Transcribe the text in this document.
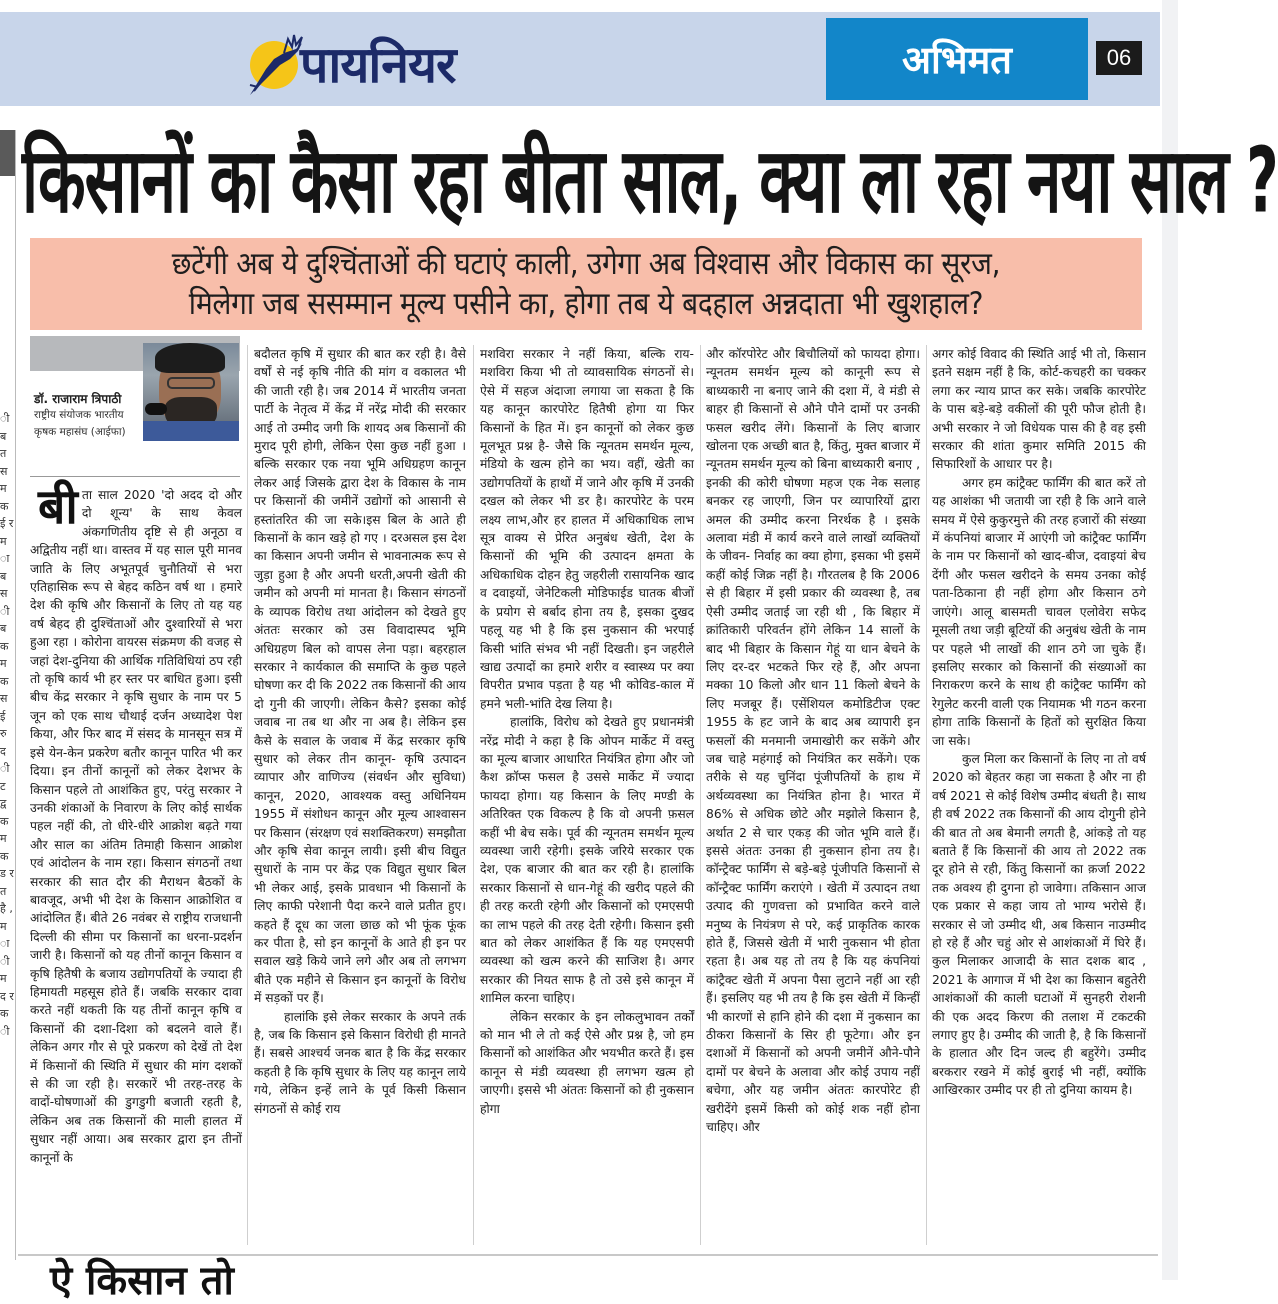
पायनियर	अभिमत	06
ी ब त स म क ई र म ा ब स ी ब क म क स ई रु द ी ट द्व क म क ड र त है , म ा ी म द र क ी
किसानों का कैसा रहा बीता साल, क्या ला रहा नया साल ?
छटेंगी अब ये दुश्चिंताओं की घटाएं काली, उगेगा अब विश्वास और विकास का सूरज,
मिलेगा जब ससम्मान मूल्य पसीने का, होगा तब ये बदहाल अन्नदाता भी खुशहाल?
डॉ. राजाराम त्रिपाठी
राष्ट्रीय संयोजक भारतीय कृषक महासंघ (आईफा)
बी ता साल 2020 'दो अदद दो और दो शून्य' के साथ केवल अंकगणितीय दृष्टि से ही अनूठा व अद्वितीय नहीं था। वास्तव में यह साल पूरी मानव जाति के लिए अभूतपूर्व चुनौतियों से भरा एतिहासिक रूप से बेहद कठिन वर्ष था । हमारे देश की कृषि और किसानों के लिए तो यह यह वर्ष बेहद ही दुश्चिंताओं और दुश्वारियों से भरा हुआ रहा । कोरोना वायरस संक्रमण की वजह से जहां देश-दुनिया की आर्थिक गतिविधियां ठप रही तो कृषि कार्य भी हर स्तर पर बाधित हुआ। इसी बीच केंद्र सरकार ने कृषि सुधार के नाम पर 5 जून को एक साथ चौथाई दर्जन अध्यादेश पेश किया, और फिर बाद में संसद के मानसून सत्र में इसे येन-केन प्रकरेण बतौर कानून पारित भी कर दिया। इन तीनों कानूनों को लेकर देशभर के किसान पहले तो आशंकित हुए, परंतु सरकार ने उनकी शंकाओं के निवारण के लिए कोई सार्थक पहल नहीं की, तो धीरे-धीरे आक्रोश बढ़ते गया और साल का अंतिम तिमाही किसान आक्रोश एवं आंदोलन के नाम रहा। किसान संगठनों तथा सरकार की सात दौर की मैराथन बैठकों के बावजूद, अभी भी देश के किसान आक्रोशित व आंदोलित हैं। बीते 26 नवंबर से राष्ट्रीय राजधानी दिल्ली की सीमा पर किसानों का धरना-प्रदर्शन जारी है। किसानों को यह तीनों कानून किसान व कृषि हितैषी के बजाय उद्योगपतियों के ज्यादा ही हिमायती महसूस होते हैं। जबकि सरकार दावा करते नहीं थकती कि यह तीनों कानून कृषि व किसानों की दशा-दिशा को बदलने वाले हैं। लेकिन अगर गौर से पूरे प्रकरण को देखें तो देश में किसानों की स्थिति में सुधार की मांग दशकों से की जा रही है। सरकारें भी तरह-तरह के वादों-घोषणाओं की डुगडुगी बजाती रहती है, लेकिन अब तक किसानों की माली हालत में सुधार नहीं आया। अब सरकार द्वारा इन तीनों कानूनों के

बदौलत कृषि में सुधार की बात कर रही है। वैसे वर्षों से नई कृषि नीति की मांग व वकालत भी की जाती रही है। जब 2014 में भारतीय जनता पार्टी के नेतृत्व में केंद्र में नरेंद्र मोदी की सरकार आई तो उम्मीद जगी कि शायद अब किसानों की मुराद पूरी होगी, लेकिन ऐसा कुछ नहीं हुआ । बल्कि सरकार एक नया भूमि अधिग्रहण कानून लेकर आई जिसके द्वारा देश के विकास के नाम पर किसानों की जमीनें उद्योगों को आसानी से हस्तांतरित की जा सके।इस बिल के आते ही किसानों के कान खड़े हो गए । दरअसल इस देश का किसान अपनी जमीन से भावनात्मक रूप से जुड़ा हुआ है और अपनी धरती,अपनी खेती की जमीन को अपनी मां मानता है। किसान संगठनों के व्यापक विरोध तथा आंदोलन को देखते हुए अंततः सरकार को उस विवादास्पद भूमि अधिग्रहण बिल को वापस लेना पड़ा। बहरहाल सरकार ने कार्यकाल की समाप्ति के कुछ पहले घोषणा कर दी कि 2022 तक किसानों की आय दो गुनी की जाएगी। लेकिन कैसे? इसका कोई जवाब ना तब था और ना अब है। लेकिन इस कैसे के सवाल के जवाब में केंद्र सरकार कृषि सुधार को लेकर तीन कानून- कृषि उत्पादन व्यापार और वाणिज्य (संवर्धन और सुविधा) कानून, 2020, आवश्यक वस्तु अधिनियम 1955 में संशोधन कानून और मूल्य आश्वासन पर किसान (संरक्षण एवं सशक्तिकरण) समझौता और कृषि सेवा कानून लायी। इसी बीच विद्युत सुधारों के नाम पर केंद्र एक विद्युत सुधार बिल भी लेकर आई, इसके प्रावधान भी किसानों के लिए काफी परेशानी पैदा करने वाले प्रतीत हुए। कहते हैं दूध का जला छाछ को भी फूंक फूंक कर पीता है, सो इन कानूनों के आते ही इन पर सवाल खड़े किये जाने लगे और अब तो लगभग बीते एक महीने से किसान इन कानूनों के विरोध में सड़कों पर हैं।

हालांकि इसे लेकर सरकार के अपने तर्क है, जब कि किसान इसे किसान विरोधी ही मानते हैं। सबसे आश्चर्य जनक बात है कि केंद्र सरकार कहती है कि कृषि सुधार के लिए यह कानून लाये गये, लेकिन इन्हें लाने के पूर्व किसी किसान संगठनों से कोई राय

मशविरा सरकार ने नहीं किया, बल्कि राय-मशविरा किया भी तो व्यावसायिक संगठनों से। ऐसे में सहज अंदाजा लगाया जा सकता है कि यह कानून कारपोरेट हितैषी होगा या फिर किसानों के हित में। इन कानूनों को लेकर कुछ मूलभूत प्रश्न है- जैसे कि न्यूनतम समर्थन मूल्य, मंडियो के खत्म होने का भय। वहीं, खेती का उद्योगपतियों के हाथों में जाने और कृषि में उनकी दखल को लेकर भी डर है। कारपोरेट के परम लक्ष्य लाभ,और हर हालत में अधिकाधिक लाभ सूत्र वाक्य से प्रेरित अनुबंध खेती, देश के किसानों की भूमि की उत्पादन क्षमता के अधिकाधिक दोहन हेतु जहरीली रासायनिक खाद व दवाइयों, जेनेटिकली मोडिफाईड घातक बीजों के प्रयोग से बर्बाद होना तय है, इसका दुखद पहलू यह भी है कि इस नुकसान की भरपाई किसी भांति संभव भी नहीं दिखती। इन जहरीले खाद्य उत्पादों का हमारे शरीर व स्वास्थ्य पर क्या विपरीत प्रभाव पड़ता है यह भी कोविड-काल में हमने भली-भांति देख लिया है।

हालांकि, विरोध को देखते हुए प्रधानमंत्री नरेंद्र मोदी ने कहा है कि ओपन मार्केट में वस्तु का मूल्य बाजार आधारित नियंत्रित होगा और जो कैश क्रॉप्स फसल है उससे मार्केट में ज्यादा फायदा होगा। यह किसान के लिए मण्डी के अतिरिक्त एक विकल्प है कि वो अपनी फ़सल कहीं भी बेच सके। पूर्व की न्यूनतम समर्थन मूल्य व्यवस्था जारी रहेगी। इसके जरिये सरकार एक देश, एक बाजार की बात कर रही है। हालांकि सरकार किसानों से धान-गेहूं की खरीद पहले की ही तरह करती रहेगी और किसानों को एमएसपी का लाभ पहले की तरह देती रहेगी। किसान इसी बात को लेकर आशंकित हैं कि यह एमएसपी व्यवस्था को खत्म करने की साजिश है। अगर सरकार की नियत साफ है तो उसे इसे कानून में शामिल करना चाहिए।

लेकिन सरकार के इन लोकलुभावन तर्कों को मान भी ले तो कई ऐसे और प्रश्न है, जो हम किसानों को आशंकित और भयभीत करते हैं। इस कानून से मंडी व्यवस्था ही लगभग खत्म हो जाएगी। इससे भी अंततः किसानों को ही नुकसान होगा

और कॉरपोरेट और बिचौलियों को फायदा होगा। न्यूनतम समर्थन मूल्य को कानूनी रूप से बाध्यकारी ना बनाए जाने की दशा में, वे मंडी से बाहर ही किसानों से औने पौने दामों पर उनकी फसल खरीद लेंगे। किसानों के लिए बाजार खोलना एक अच्छी बात है, किंतु, मुक्त बाजार में न्यूनतम समर्थन मूल्य को बिना बाध्यकारी बनाए , इनकी की कोरी घोषणा महज एक नेक सलाह बनकर रह जाएगी, जिन पर व्यापारियों द्वारा अमल की उम्मीद करना निरर्थक है । इसके अलावा मंडी में कार्य करने वाले लाखों व्यक्तियों के जीवन- निर्वाह का क्या होगा, इसका भी इसमें कहीं कोई जिक्र नहीं है। गौरतलब है कि 2006 से ही बिहार में इसी प्रकार की व्यवस्था है, तब ऐसी उम्मीद जताई जा रही थी , कि बिहार में क्रांतिकारी परिवर्तन होंगे लेकिन 14 सालों के बाद भी बिहार के किसान गेहूं या धान बेचने के लिए दर-दर भटकते फिर रहे हैं, और अपना मक्का 10 किलो और धान 11 किलो बेचने के लिए मजबूर हैं। एसेंशियल कमोडिटीज एक्ट 1955 के हट जाने के बाद अब व्यापारी इन फसलों की मनमानी जमाखोरी कर सकेंगे और जब चाहे महंगाई को नियंत्रित कर सकेंगे। एक तरीके से यह चुनिंदा पूंजीपतियों के हाथ में अर्थव्यवस्था का नियंत्रित होना है। भारत में 86% से अधिक छोटे और मझोले किसान है, अर्थात 2 से चार एकड़ की जोत भूमि वाले हैं। इससे अंततः उनका ही नुकसान होना तय है। कॉन्ट्रैक्ट फार्मिंग से बड़े-बड़े पूंजीपति किसानों से कॉन्ट्रैक्ट फार्मिंग कराएंगे । खेती में उत्पादन तथा उत्पाद की गुणवत्ता को प्रभावित करने वाले मनुष्य के नियंत्रण से परे, कई प्राकृतिक कारक होते हैं, जिससे खेती में भारी नुकसान भी होता रहता है। अब यह तो तय है कि यह कंपनियां कांट्रैक्ट खेती में अपना पैसा लुटाने नहीं आ रही हैं। इसलिए यह भी तय है कि इस खेती में किन्हीं भी कारणों से हानि होने की दशा में नुकसान का ठीकरा किसानों के सिर ही फूटेगा। और इन दशाओं में किसानों को अपनी जमीनें औने-पौने दामों पर बेचने के अलावा और कोई उपाय नहीं बचेगा, और यह जमीन अंततः कारपोरेट ही खरीदेंगे इसमें किसी को कोई शक नहीं होना चाहिए। और

अगर कोई विवाद की स्थिति आई भी तो, किसान इतने सक्षम नहीं है कि, कोर्ट-कचहरी का चक्कर लगा कर न्याय प्राप्त कर सके। जबकि कारपोरेट के पास बड़े-बड़े वकीलों की पूरी फौज होती है। अभी सरकार ने जो विधेयक पास की है वह इसी सरकार की शांता कुमार समिति 2015 की सिफारिशों के आधार पर है।

अगर हम कांट्रैक्ट फार्मिंग की बात करें तो यह आशंका भी जतायी जा रही है कि आने वाले समय में ऐसे कुकुरमुत्ते की तरह हजारों की संख्या में कंपनियां बाजार में आएंगी जो कांट्रैक्ट फार्मिंग के नाम पर किसानों को खाद-बीज, दवाइयां बेच देंगी और फसल खरीदने के समय उनका कोई पता-ठिकाना ही नहीं होगा और किसान ठगे जाएंगे। आलू बासमती चावल एलोवेरा सफेद मूसली तथा जड़ी बूटियों की अनुबंध खेती के नाम पर पहले भी लाखों की शान ठगे जा चुके हैं। इसलिए सरकार को किसानों की संख्याओं का निराकरण करने के साथ ही कांट्रैक्ट फार्मिंग को रेगुलेट करनी वाली एक नियामक भी गठन करना होगा ताकि किसानों के हितों को सुरक्षित किया जा सके।

कुल मिला कर किसानों के लिए ना तो वर्ष 2020 को बेहतर कहा जा सकता है और ना ही वर्ष 2021 से कोई विशेष उम्मीद बंधती है। साथ ही वर्ष 2022 तक किसानों की आय दोगुनी होने की बात तो अब बेमानी लगती है, आंकड़े तो यह बताते हैं कि किसानों की आय तो 2022 तक दूर होने से रही, किंतु किसानों का क़र्जा 2022 तक अवश्य ही दुगना हो जावेगा। तकिसान आज एक प्रकार से कहा जाय तो भाग्य भरोसे हैं। सरकार से जो उम्मीद थी, अब किसान नाउम्मीद हो रहे हैं और चहुं ओर से आशंकाओं में घिरे हैं। कुल मिलाकर आजादी के सात दशक बाद , 2021 के आगाज में भी देश का किसान बहुतेरी आशंकाओं की काली घटाओं में सुनहरी रोशनी की एक अदद किरण की तलाश में टकटकी लगाए हुए है। उम्मीद की जाती है, है कि किसानों के हालात और दिन जल्द ही बहुरेंगे। उम्मीद बरकरार रखने में कोई बुराई भी नहीं, क्योंकि आखिरकार उम्मीद पर ही तो दुनिया कायम है।

ऐ किसान तो
